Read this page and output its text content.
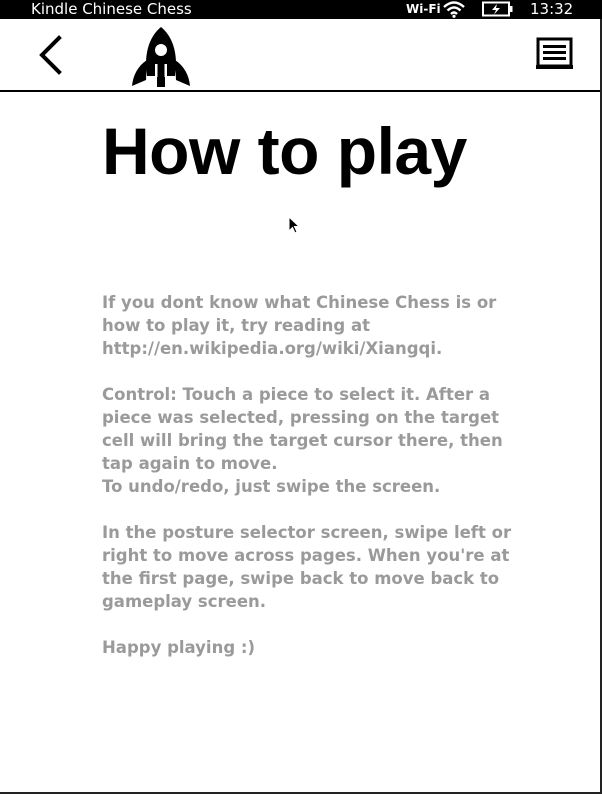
Kindle Chinese Chess	Wi-Fi	13:32
How to play

If you dont know what Chinese Chess is or
how to play it, try reading at
http://en.wikipedia.org/wiki/Xiangqi.

Control: Touch a piece to select it. After a
piece was selected, pressing on the target
cell will bring the target cursor there, then
tap again to move.
To undo/redo, just swipe the screen.

In the posture selector screen, swipe left or
right to move across pages. When you're at
the first page, swipe back to move back to
gameplay screen.

Happy playing :)
